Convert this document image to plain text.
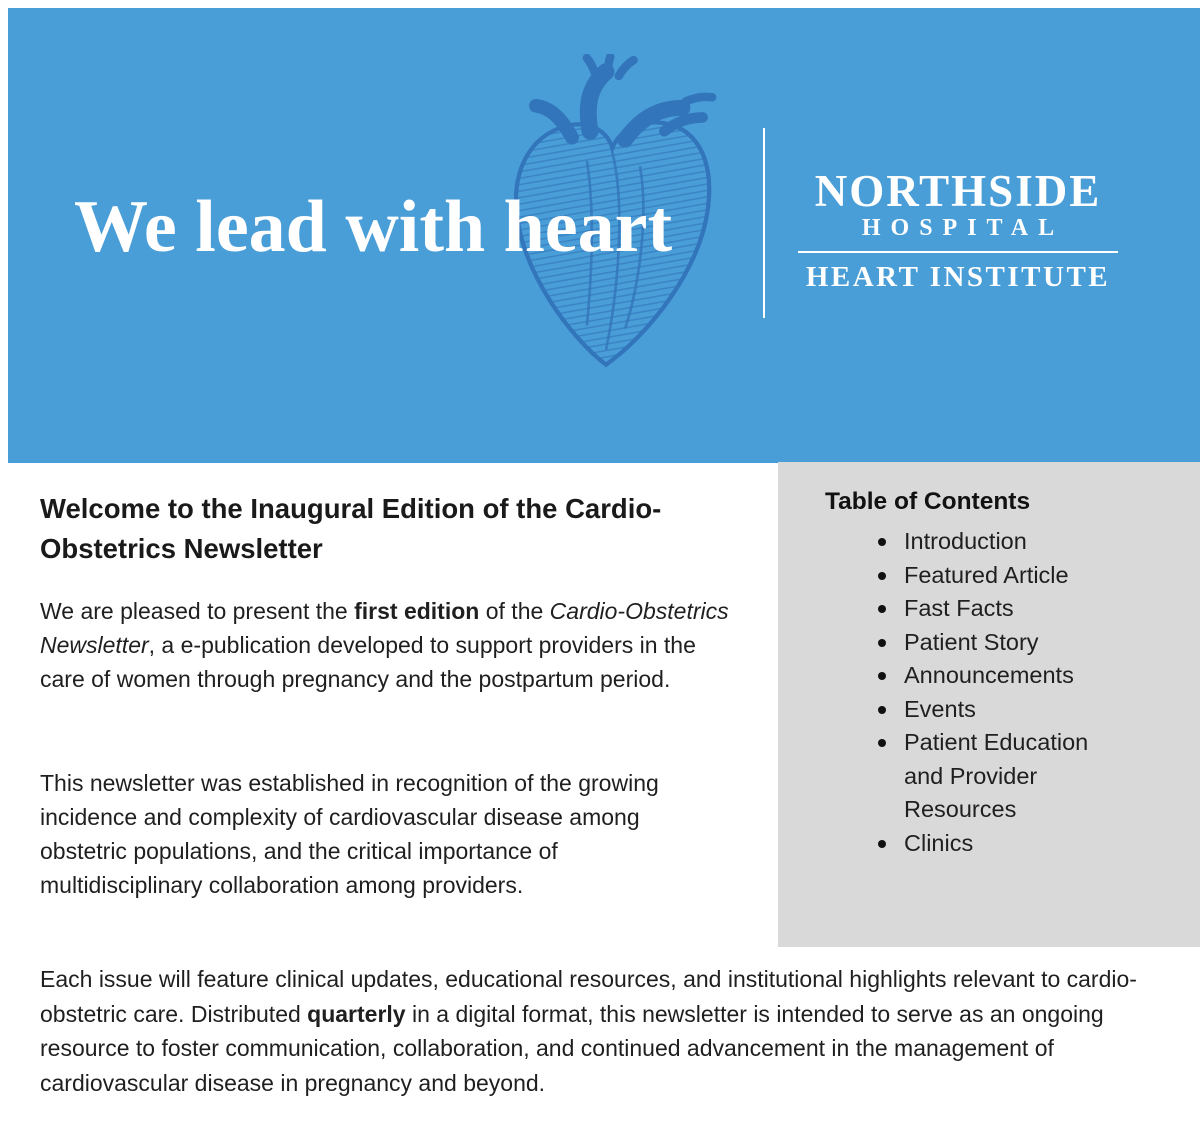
We lead with heart	NORTHSIDE
HOSPITAL
HEART INSTITUTE
Welcome to the Inaugural Edition of the Cardio-Obstetrics Newsletter

We are pleased to present the first edition of the Cardio-Obstetrics Newsletter, a e-publication developed to support providers in the care of women through pregnancy and the postpartum period.

This newsletter was established in recognition of the growing incidence and complexity of cardiovascular disease among obstetric populations, and the critical importance of multidisciplinary collaboration among providers.

Each issue will feature clinical updates, educational resources, and institutional highlights relevant to cardio-obstetric care. Distributed quarterly in a digital format, this newsletter is intended to serve as an ongoing resource to foster communication, collaboration, and continued advancement in the management of cardiovascular disease in pregnancy and beyond.

Table of Contents
Introduction
Featured Article
Fast Facts
Patient Story
Announcements
Events
Patient Education and Provider Resources
Clinics
